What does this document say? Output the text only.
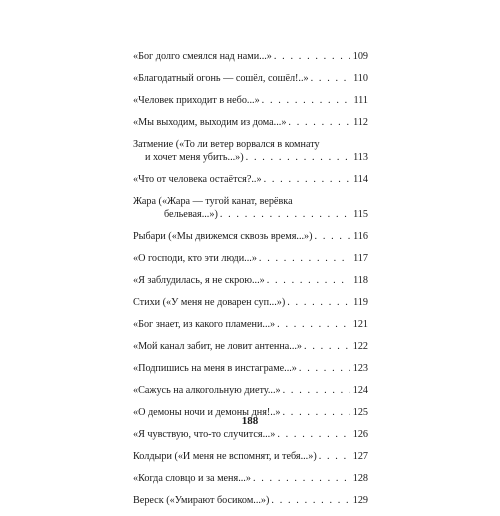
«Бог долго смеялся над нами...» . . .	109
«Благодатный огонь — сошёл, сошёл!..» . . .	110
«Человек приходит в небо...» . . .	111
«Мы выходим, выходим из дома...» . . .	112
Затмение («То ли ветер ворвался в комнату
и хочет меня убить...») . . .	113
«Что от человека остаётся?..» . . .	114
Жара («Жара — тугой канат, верёвка
бельевая...») . . .	115
Рыбари («Мы движемся сквозь время...») . . .	116
«О господи, кто эти люди...» . . .	117
«Я заблудилась, я не скрою...» . . .	118
Стихи («У меня не доварен суп...») . . .	119
«Бог знает, из какого пламени...» . . .	121
«Мой канал забит, не ловит антенна...» . . .	122
«Подпишись на меня в инстаграме...» . . .	123
«Сажусь на алкогольную диету...» . . .	124
«О демоны ночи и демоны дня!..» . . .	125
«Я чувствую, что-то случится...» . . .	126
Колдыри («И меня не вспомнят, и тебя...») . . .	127
«Когда словцо и за меня...» . . .	128
Вереск («Умирают босиком...») . . .	129
188
